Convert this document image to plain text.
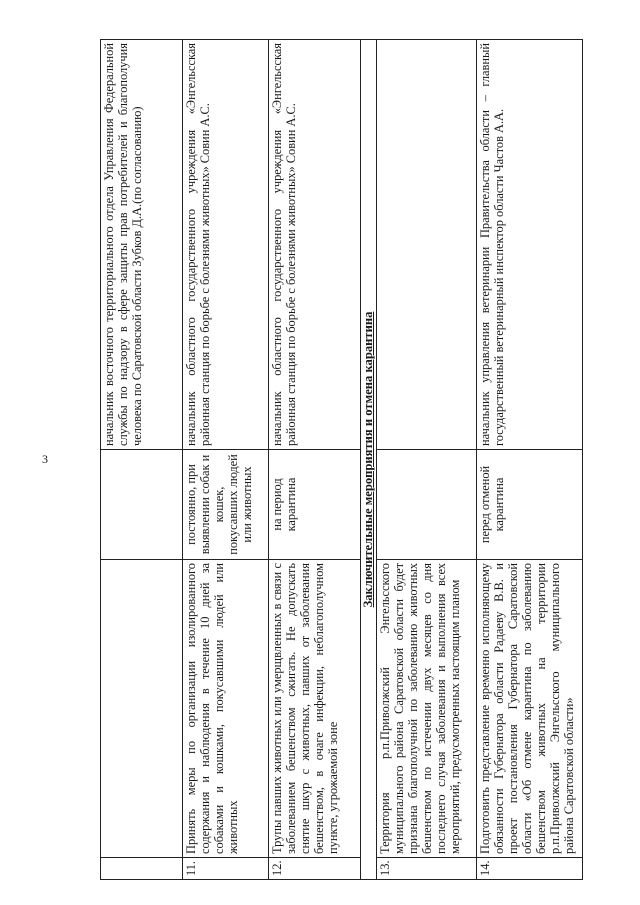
3
			начальник восточного территориального отдела Управления Федеральной службы по надзору в сфере защиты прав потребителей и благополучия человека по Саратовской области Зубков Д.А.(по согласованию)
11.	Принять меры по организации изолированного содержания и наблюдения в течение 10 дней за собаками и кошками, покусавшими людей или животных	постоянно, при выявлении собак и кошек, покусавших людей или животных	начальник областного государственного учреждения «Энгельсская районная станция по борьбе с болезнями животных» Совин А.С.
12.	Трупы павших животных или умерщвленных в связи с заболеванием бешенством сжигать. Не допускать снятие шкур с животных, павших от заболевания бешенством, в очаге инфекции, неблагополучном пункте, угрожаемой зоне	на период карантина	начальник областного государственного учреждения «Энгельсская районная станция по борьбе с болезнями животных» Совин А.С.
Заключительные мероприятия и отмена карантина			
13.	Территория р.п.Приволжский Энгельсского муниципального района Саратовской области будет признана благополучной по заболеванию животных бешенством по истечении двух месяцев со дня последнего случая заболевания и выполнения всех мероприятий, предусмотренных настоящим планом		
14.	Подготовить представление временно исполняющему обязанности Губернатора области Радаеву В.В. и проект постановления Губернатора Саратовской области «Об отмене карантина по заболеванию бешенством животных на территории р.п.Приволжский Энгельсского муниципального района Саратовской области»	перед отменой карантина	начальник управления ветеринарии Правительства области – главный государственный ветеринарный инспектор области Частов А.А.
